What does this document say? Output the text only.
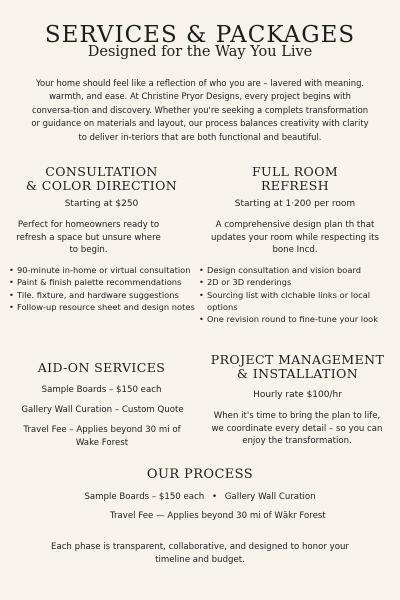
SERVICES & PACKAGES
Designed for the Way You Live

Your home should feel like a reflection of who you are – lavered with meaning. warmth, and ease. At Christine Pryor Designs, every project begins with conversa-tion and discovery. Whether you're seeking a complets transformation or guidance on materials and layout, our process balances creativity with clarity to deliver in-teriors that are both functional and beautiful.

CONSULTATION
& COLOR DIRECTION
Starting at $250
Perfect for homeowners ready to refresh a space but unsure where to begin.
• 90-minute in-home or virtual consultation
• Paint & finish palette recommendations
• Tile. fixture, and hardware suggestions
• Follow-up resource sheet and design notes
FULL ROOM
REFRESH
Starting at 1·200 per room
A comprehensive design plan th that updates your room while respecting its bone Incd.
• Design consultation and vision board
• 2D or 3D renderings
• Sourcing list with clchable links or local options
• One revision round to fine-tune your look
AID-ON SERVICES
Sample Boards – $150 each
Gallery Wall Curation – Custom Quote
Travel Fee – Applies beyond 30 mi of Wake Forest
PROJECT MANAGEMENT
& INSTALLATION
Hourly rate $100/hr
When it's time to bring the plan to life, we coordinate every detail – so you can enjoy the transformation.
OUR PROCESS
Sample Boards – $150 each • Gallery Wall Curation
Travel Fee — Applies beyond 30 mi of Wākr Forest
Each phase is transparent, collaborative, and designed to honor your timeline and budget.
